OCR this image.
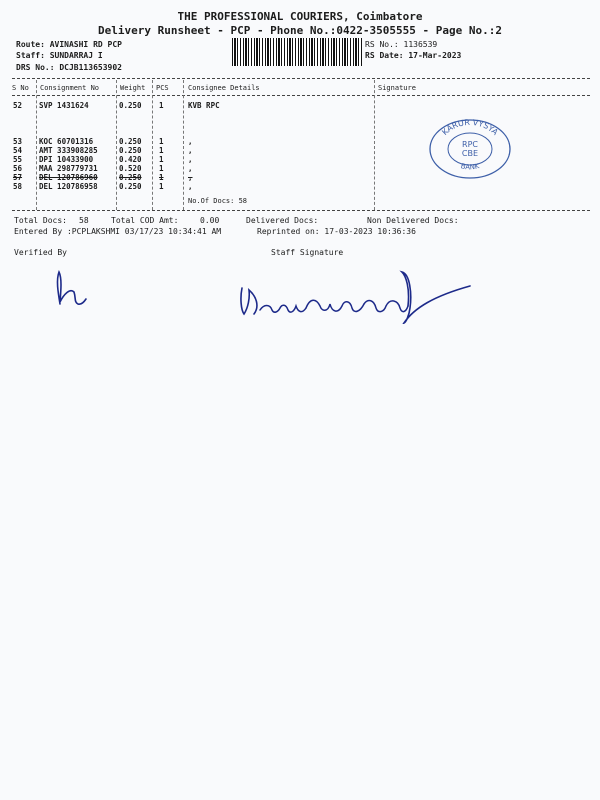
THE PROFESSIONAL COURIERS, Coimbatore
Delivery Runsheet - PCP - Phone No.:0422-3505555 - Page No.:2
Route: AVINASHI RD PCP
Staff: SUNDARRAJ I
DRS No.: DCJB113653902
RS No.: 1136539
RS Date: 17-Mar-2023
S No Consignment No	Weight PCS	Consignee Details	Signature
52 SVP 1431624	0.250 1	KVB RPC
53 KOC 60701316	0.250 1	,
54 AMT 333908285	0.250 1	,
55 DPI 10433900	0.420 1	,
56 MAA 298779731	0.520 1	,
57 DEL 120786960	0.250 1	,
58 DEL 120786958	0.250 1	,
No.Of Docs: 58
KARUR VYSYA
BANK
RPC
CBE
Total Docs: 58	Total COD Amt:	0.00	Delivered Docs:	Non Delivered Docs:
Entered By :PCPLAKSHMI 03/17/23 10:34:41 AM	Reprinted on: 17-03-2023 10:36:36
Verified By	Staff Signature
